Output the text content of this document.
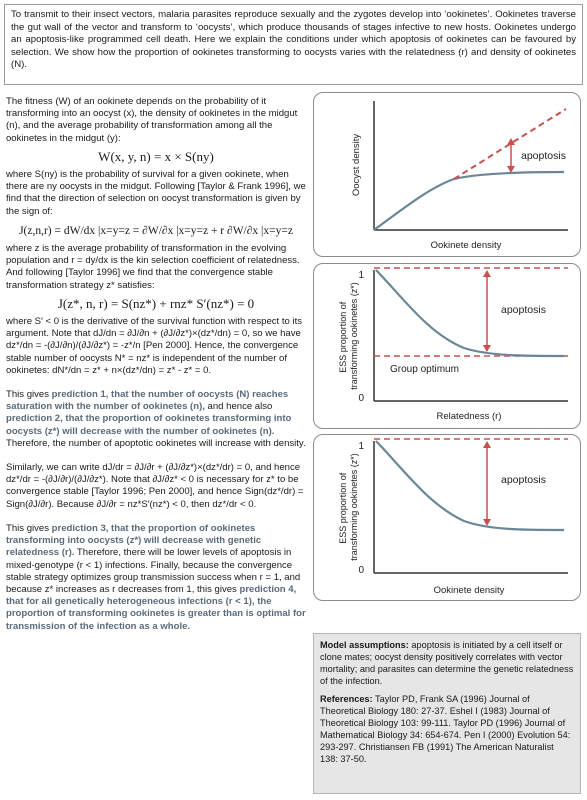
To transmit to their insect vectors, malaria parasites reproduce sexually and the zygotes develop into ‘ookinetes’. Ookinetes traverse the gut wall of the vector and transform to ‘oocysts’, which produce thousands of stages infective to new hosts. Ookinetes undergo an apoptosis-like programmed cell death. Here we explain the conditions under which apoptosis of ookinetes can be favoured by selection. We show how the proportion of ookinetes transforming to oocysts varies with the relatedness (r) and density of ookinetes (N).

The fitness (W) of an ookinete depends on the probability of it transforming into an oocyst (x), the density of ookinetes in the midgut (n), and the average probability of transformation among all the ookinetes in the midgut (y):

W(x, y, n) = x × S(ny)

where S(ny) is the probability of survival for a given ookinete, when there are ny oocysts in the midgut. Following [Taylor & Frank 1996], we find that the direction of selection on oocyst transformation is given by the sign of:

J(z,n,r) = dW/dx |x=y=z = ∂W/∂x |x=y=z + r ∂W/∂x |x=y=z

where z is the average probability of transformation in the evolving population and r = dy/dx is the kin selection coefficient of relatedness. And following [Taylor 1996] we find that the convergence stable transformation strategy z* satisfies:

J(z*, n, r) = S(nz*) + rnz* S′(nz*) = 0

where S′ < 0 is the derivative of the survival function with respect to its argument. Note that dJ/dn = ∂J/∂n + (∂J/∂z*)×(dz*/dn) = 0, so we have dz*/dn = -(∂J/∂n)/(∂J/∂z*) = -z*/n [Pen 2000]. Hence, the convergence stable number of oocysts N* = nz* is independent of the number of ookinetes: dN*/dn = z* + n×(dz*/dn) = z* - z* = 0.

This gives prediction 1, that the number of oocysts (N) reaches saturation with the number of ookinetes (n), and hence also prediction 2, that the proportion of ookinetes transforming into oocysts (z*) will decrease with the number of ookinetes (n). Therefore, the number of apoptotic ookinetes will increase with density.

Similarly, we can write dJ/dr = ∂J/∂r + (∂J/∂z*)×(dz*/dr) = 0, and hence dz*/dr = -(∂J/∂r)/(∂J/∂z*). Note that ∂J/∂z* < 0 is necessary for z* to be convergence stable [Taylor 1996; Pen 2000], and hence Sign(dz*/dr) = Sign(∂J/∂r). Because ∂J/∂r = nz*S′(nz*) < 0, then dz*/dr < 0.

This gives prediction 3, that the proportion of ookinetes transforming into oocysts (z*) will decrease with genetic relatedness (r). Therefore, there will be lower levels of apoptosis in mixed-genotype (r < 1) infections. Finally, because the convergence stable strategy optimizes group transmission success when r = 1, and because z* increases as r decreases from 1, this gives prediction 4, that for all genetically heterogeneous infections (r < 1), the proportion of transforming ookinetes is greater than is optimal for transmission of the infection as a whole.

apoptosis
Oocyst density
Ookinete density
apoptosis
Group optimum
1
0
ESS proportion of transforming ookinetes (z*)
Relatedness (r)
apoptosis
1
0
ESS proportion of transforming ookinetes (z*)
Ookinete density

Model assumptions: apoptosis is initiated by a cell itself or clone mates; oocyst density positively correlates with vector mortality; and parasites can determine the genetic relatedness of the infection.

References: Taylor PD, Frank SA (1996) Journal of Theoretical Biology 180: 27-37. Eshel I (1983) Journal of Theoretical Biology 103: 99-111. Taylor PD (1996) Journal of Mathematical Biology 34: 654-674. Pen I (2000) Evolution 54: 293-297. Christiansen FB (1991) The American Naturalist 138: 37-50.
